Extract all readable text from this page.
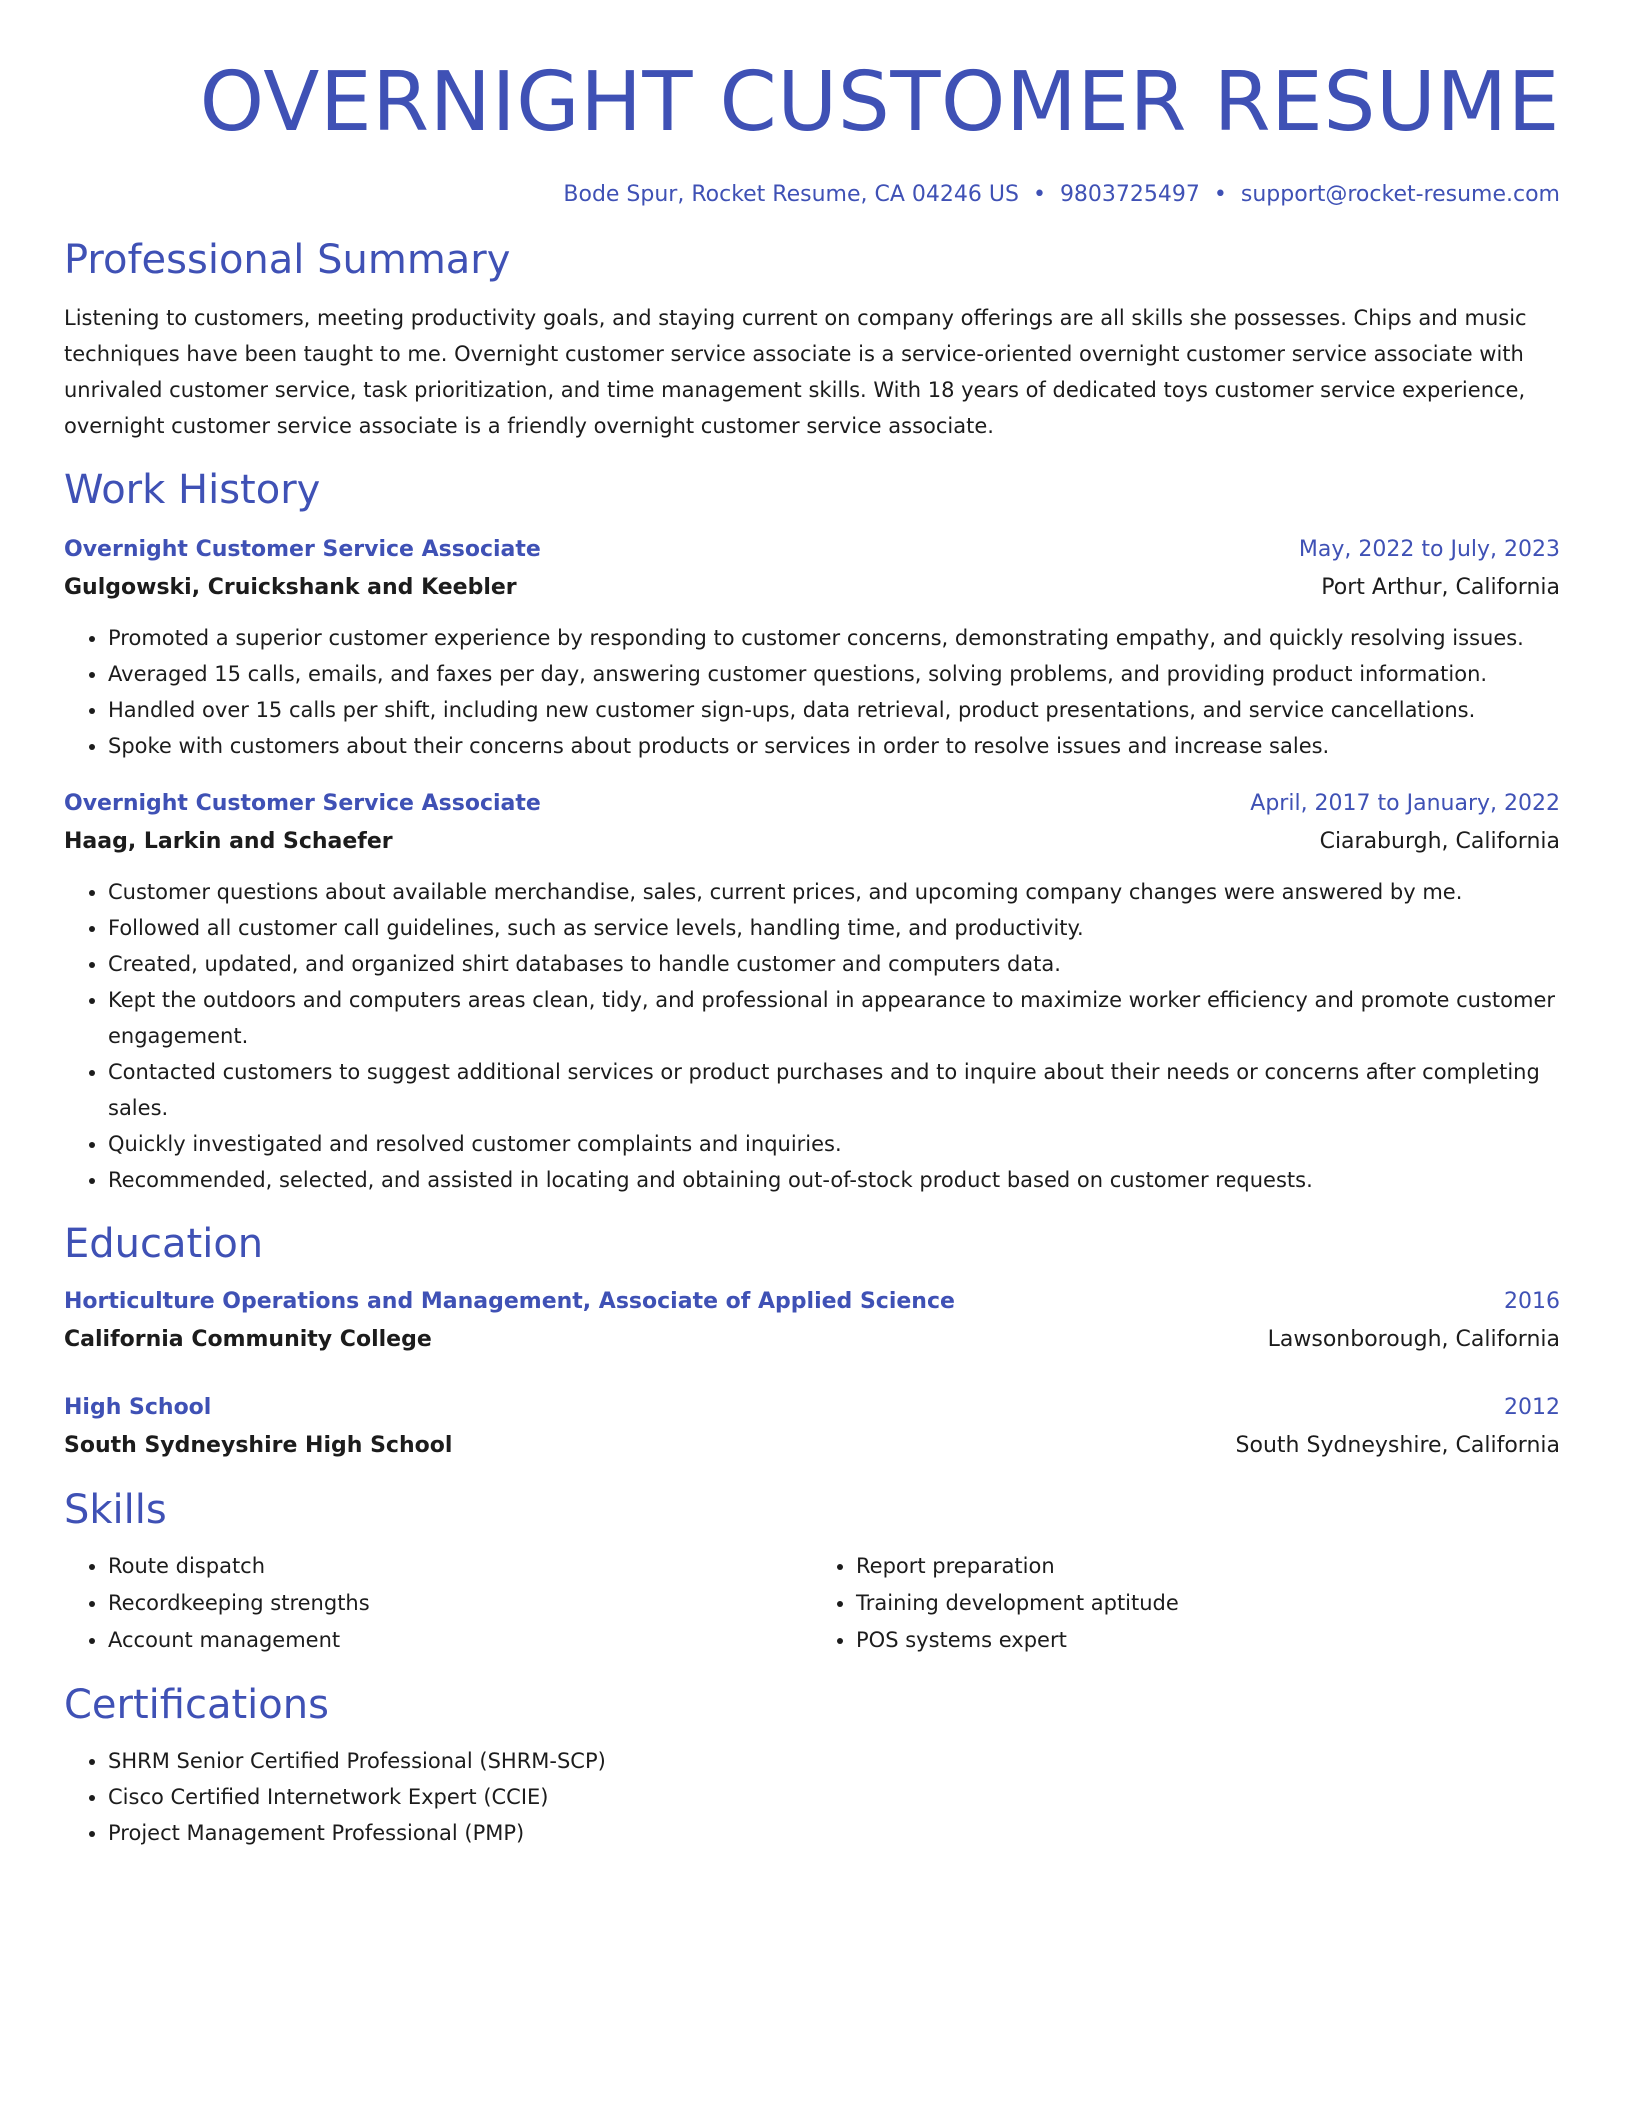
OVERNIGHT CUSTOMER RESUME
Bode Spur, Rocket Resume, CA 04246 US • 9803725497 • support@rocket-resume.com
Professional Summary

Listening to customers, meeting productivity goals, and staying current on company offerings are all skills she possesses. Chips and music techniques have been taught to me. Overnight customer service associate is a service-oriented overnight customer service associate with unrivaled customer service, task prioritization, and time management skills. With 18 years of dedicated toys customer service experience, overnight customer service associate is a friendly overnight customer service associate.

Work History
Overnight Customer Service Associate	May, 2022 to July, 2023
Gulgowski, Cruickshank and Keebler	Port Arthur, California
• Promoted a superior customer experience by responding to customer concerns, demonstrating empathy, and quickly resolving issues.
• Averaged 15 calls, emails, and faxes per day, answering customer questions, solving problems, and providing product information.
• Handled over 15 calls per shift, including new customer sign-ups, data retrieval, product presentations, and service cancellations.
• Spoke with customers about their concerns about products or services in order to resolve issues and increase sales.
Overnight Customer Service Associate	April, 2017 to January, 2022
Haag, Larkin and Schaefer	Ciaraburgh, California
• Customer questions about available merchandise, sales, current prices, and upcoming company changes were answered by me.
• Followed all customer call guidelines, such as service levels, handling time, and productivity.
• Created, updated, and organized shirt databases to handle customer and computers data.
• Kept the outdoors and computers areas clean, tidy, and professional in appearance to maximize worker efficiency and promote customer engagement.
• Contacted customers to suggest additional services or product purchases and to inquire about their needs or concerns after completing sales.
• Quickly investigated and resolved customer complaints and inquiries.
• Recommended, selected, and assisted in locating and obtaining out-of-stock product based on customer requests.
Education
Horticulture Operations and Management, Associate of Applied Science	2016
California Community College	Lawsonborough, California
High School	2012
South Sydneyshire High School	South Sydneyshire, California
Skills
• Route dispatch
• Recordkeeping strengths
• Account management
• Report preparation
• Training development aptitude
• POS systems expert
Certifications
• SHRM Senior Certified Professional (SHRM-SCP)
• Cisco Certified Internetwork Expert (CCIE)
• Project Management Professional (PMP)
